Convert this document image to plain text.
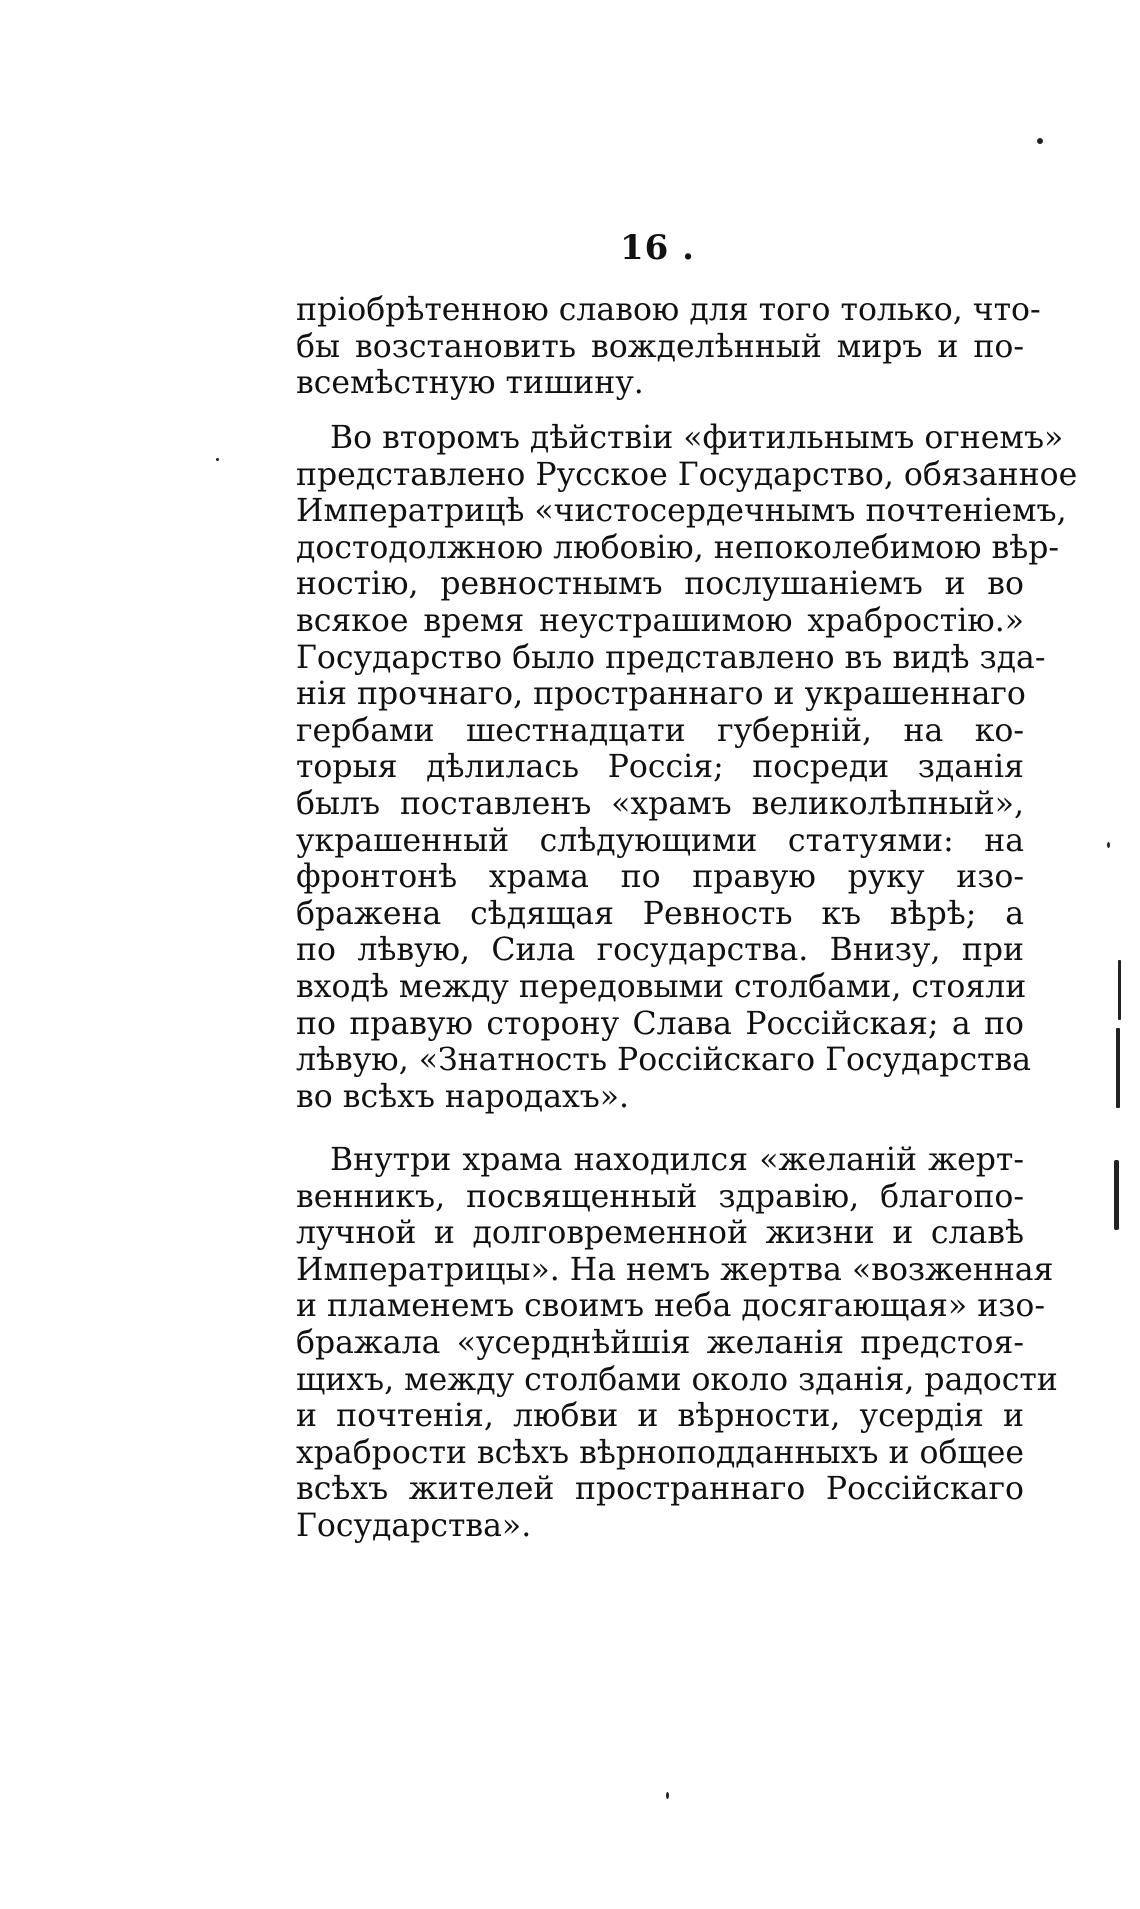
16 .
пріобрѣтенною славою для того только, что-
бы возстановить вожделѣнный миръ и по-
всемѣстную тишину.
Во второмъ дѣйствіи «фитильнымъ огнемъ»
представлено Русское Государство, обязанное
Императрицѣ «чистосердечнымъ почтеніемъ,
достодолжною любовію, непоколебимою вѣр-
ностію, ревностнымъ послушаніемъ и во
всякое время неустрашимою храбростію.»
Государство было представлено въ видѣ зда-
нія прочнаго, пространнаго и украшеннаго
гербами шестнадцати губерній, на ко-
торыя дѣлилась Россія; посреди зданія
былъ поставленъ «храмъ великолѣпный»,
украшенный слѣдующими статуями: на
фронтонѣ храма по правую руку изо-
бражена сѣдящая Ревность къ вѣрѣ; а
по лѣвую, Сила государства. Внизу, при
входѣ между передовыми столбами, стояли
по правую сторону Слава Россійская; а по
лѣвую, «Знатность Россійскаго Государства
во всѣхъ народахъ».
Внутри храма находился «желаній жерт-
венникъ, посвященный здравію, благопо-
лучной и долговременной жизни и славѣ
Императрицы». На немъ жертва «возженная
и пламенемъ своимъ неба досягающая» изо-
бражала «усерднѣйшія желанія предстоя-
щихъ, между столбами около зданія, радости
и почтенія, любви и вѣрности, усердія и
храбрости всѣхъ вѣрноподданныхъ и общее
всѣхъ жителей пространнаго Россійскаго
Государства».
